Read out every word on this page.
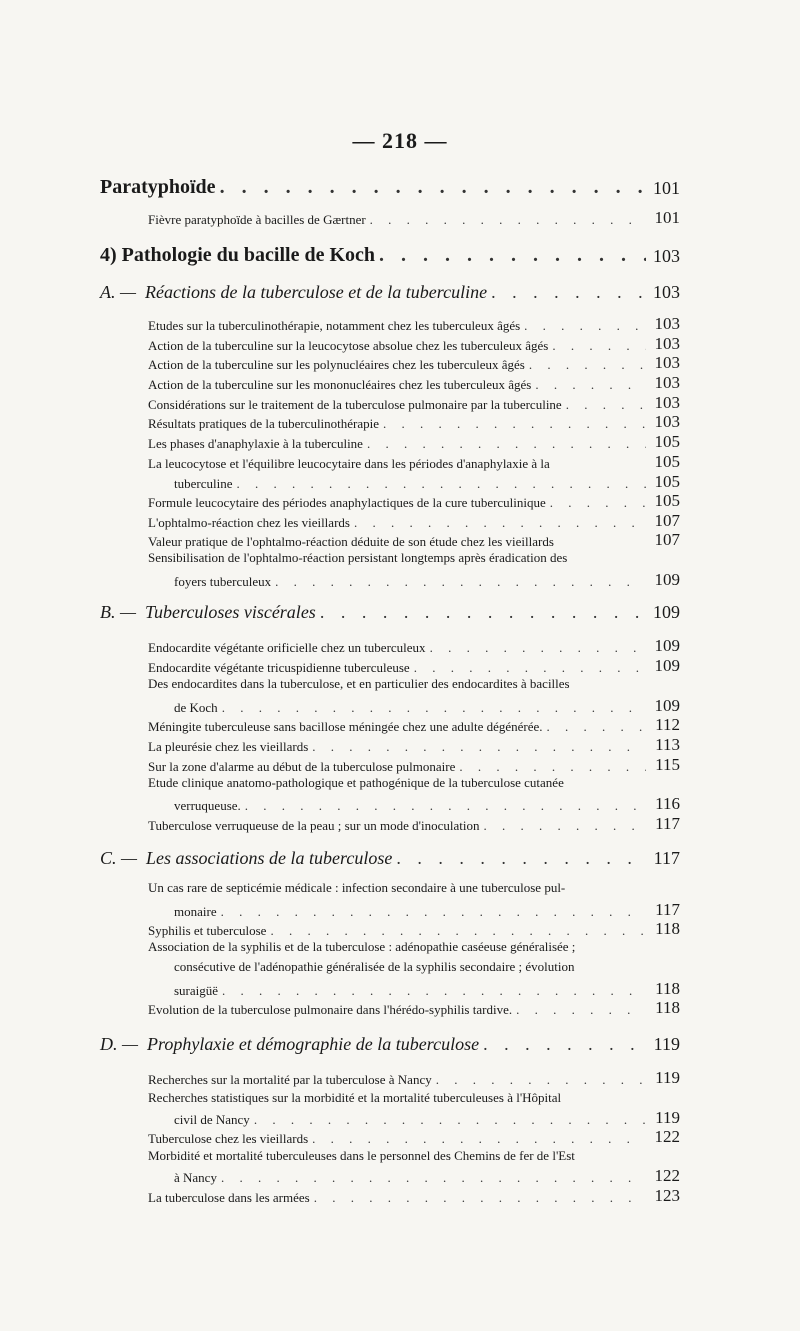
— 218 —
Paratyphoïde . . .	101
Fièvre paratyphoïde à bacilles de Gærtner . . .	101
4) Pathologie du bacille de Koch . . .	103
A. — Réactions de la tuberculose et de la tuberculine . . .	103
Etudes sur la tuberculinothérapie, notamment chez les tuberculeux âgés . . .	103
Action de la tuberculine sur la leucocytose absolue chez les tuberculeux âgés . . .	103
Action de la tuberculine sur les polynucléaires chez les tuberculeux âgés . . .	103
Action de la tuberculine sur les mononucléaires chez les tuberculeux âgés . . .	103
Considérations sur le traitement de la tuberculose pulmonaire par la tuberculine . . .	103
Résultats pratiques de la tuberculinothérapie . . .	103
Les phases d'anaphylaxie à la tuberculine . . .	105
La leucocytose et l'équilibre leucocytaire dans les périodes d'anaphylaxie à la	105
tuberculine . . .	105
Formule leucocytaire des périodes anaphylactiques de la cure tuberculinique . . .	105
L'ophtalmo-réaction chez les vieillards . . .	107
Valeur pratique de l'ophtalmo-réaction déduite de son étude chez les vieillards	107
Sensibilisation de l'ophtalmo-réaction persistant longtemps après éradication des
foyers tuberculeux . . .	109
B. — Tuberculoses viscérales . . .	109
Endocardite végétante orificielle chez un tuberculeux . . .	109
Endocardite végétante tricuspidienne tuberculeuse . . .	109
Des endocardites dans la tuberculose, et en particulier des endocardites à bacilles
de Koch . . .	109
Méningite tuberculeuse sans bacillose méningée chez une adulte dégénérée. . . .	112
La pleurésie chez les vieillards . . .	113
Sur la zone d'alarme au début de la tuberculose pulmonaire . . .	115
Etude clinique anatomo-pathologique et pathogénique de la tuberculose cutanée
verruqueuse. . . .	116
Tuberculose verruqueuse de la peau ; sur un mode d'inoculation . . .	117
C. — Les associations de la tuberculose . . .	117
Un cas rare de septicémie médicale : infection secondaire à une tuberculose pul-
monaire . . .	117
Syphilis et tuberculose . . .	118
Association de la syphilis et de la tuberculose : adénopathie caséeuse généralisée ;
consécutive de l'adénopathie généralisée de la syphilis secondaire ; évolution
suraigüë . . .	118
Evolution de la tuberculose pulmonaire dans l'hérédo-syphilis tardive. . . .	118
D. — Prophylaxie et démographie de la tuberculose . . .	119
Recherches sur la mortalité par la tuberculose à Nancy . . .	119
Recherches statistiques sur la morbidité et la mortalité tuberculeuses à l'Hôpital
civil de Nancy . . .	119
Tuberculose chez les vieillards . . .	122
Morbidité et mortalité tuberculeuses dans le personnel des Chemins de fer de l'Est
à Nancy . . .	122
La tuberculose dans les armées . . .	123
